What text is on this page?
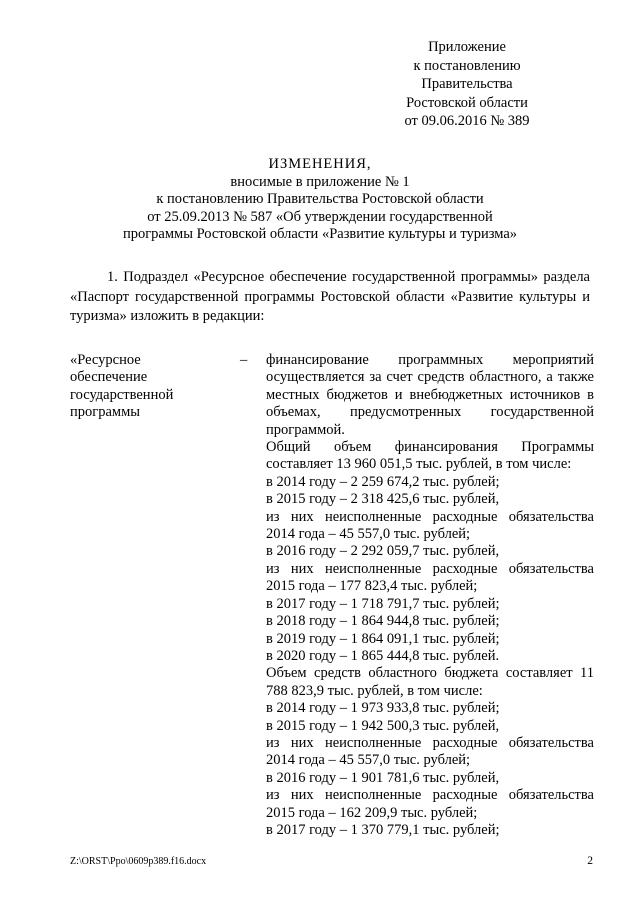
Приложение
к постановлению
Правительства
Ростовской области
от 09.06.2016 № 389
ИЗМЕНЕНИЯ,
вносимые в приложение № 1
к постановлению Правительства Ростовской области
от 25.09.2013 № 587 «Об утверждении государственной
программы Ростовской области «Развитие культуры и туризма»
1. Подраздел «Ресурсное обеспечение государственной программы» раздела «Паспорт государственной программы Ростовской области «Развитие культуры и туризма» изложить в редакции:
«Ресурсное
обеспечение
государственной
программы
– финансирование программных мероприятий осуществляется за счет средств областного, а также местных бюджетов и внебюджетных источников в объемах, предусмотренных государственной программой.

Общий объем финансирования Программы составляет 13 960 051,5 тыс. рублей, в том числе:

в 2014 году – 2 259 674,2 тыс. рублей;

в 2015 году – 2 318 425,6 тыс. рублей,

из них неисполненные расходные обязательства 2014 года – 45 557,0 тыс. рублей;

в 2016 году – 2 292 059,7 тыс. рублей,

из них неисполненные расходные обязательства 2015 года – 177 823,4 тыс. рублей;

в 2017 году – 1 718 791,7 тыс. рублей;

в 2018 году – 1 864 944,8 тыс. рублей;

в 2019 году – 1 864 091,1 тыс. рублей;

в 2020 году – 1 865 444,8 тыс. рублей.

Объем средств областного бюджета составляет 11 788 823,9 тыс. рублей, в том числе:

в 2014 году – 1 973 933,8 тыс. рублей;

в 2015 году – 1 942 500,3 тыс. рублей,

из них неисполненные расходные обязательства 2014 года – 45 557,0 тыс. рублей;

в 2016 году – 1 901 781,6 тыс. рублей,

из них неисполненные расходные обязательства 2015 года – 162 209,9 тыс. рублей;

в 2017 году – 1 370 779,1 тыс. рублей;

Z:\ORST\Ppo\0609p389.f16.docx	2
